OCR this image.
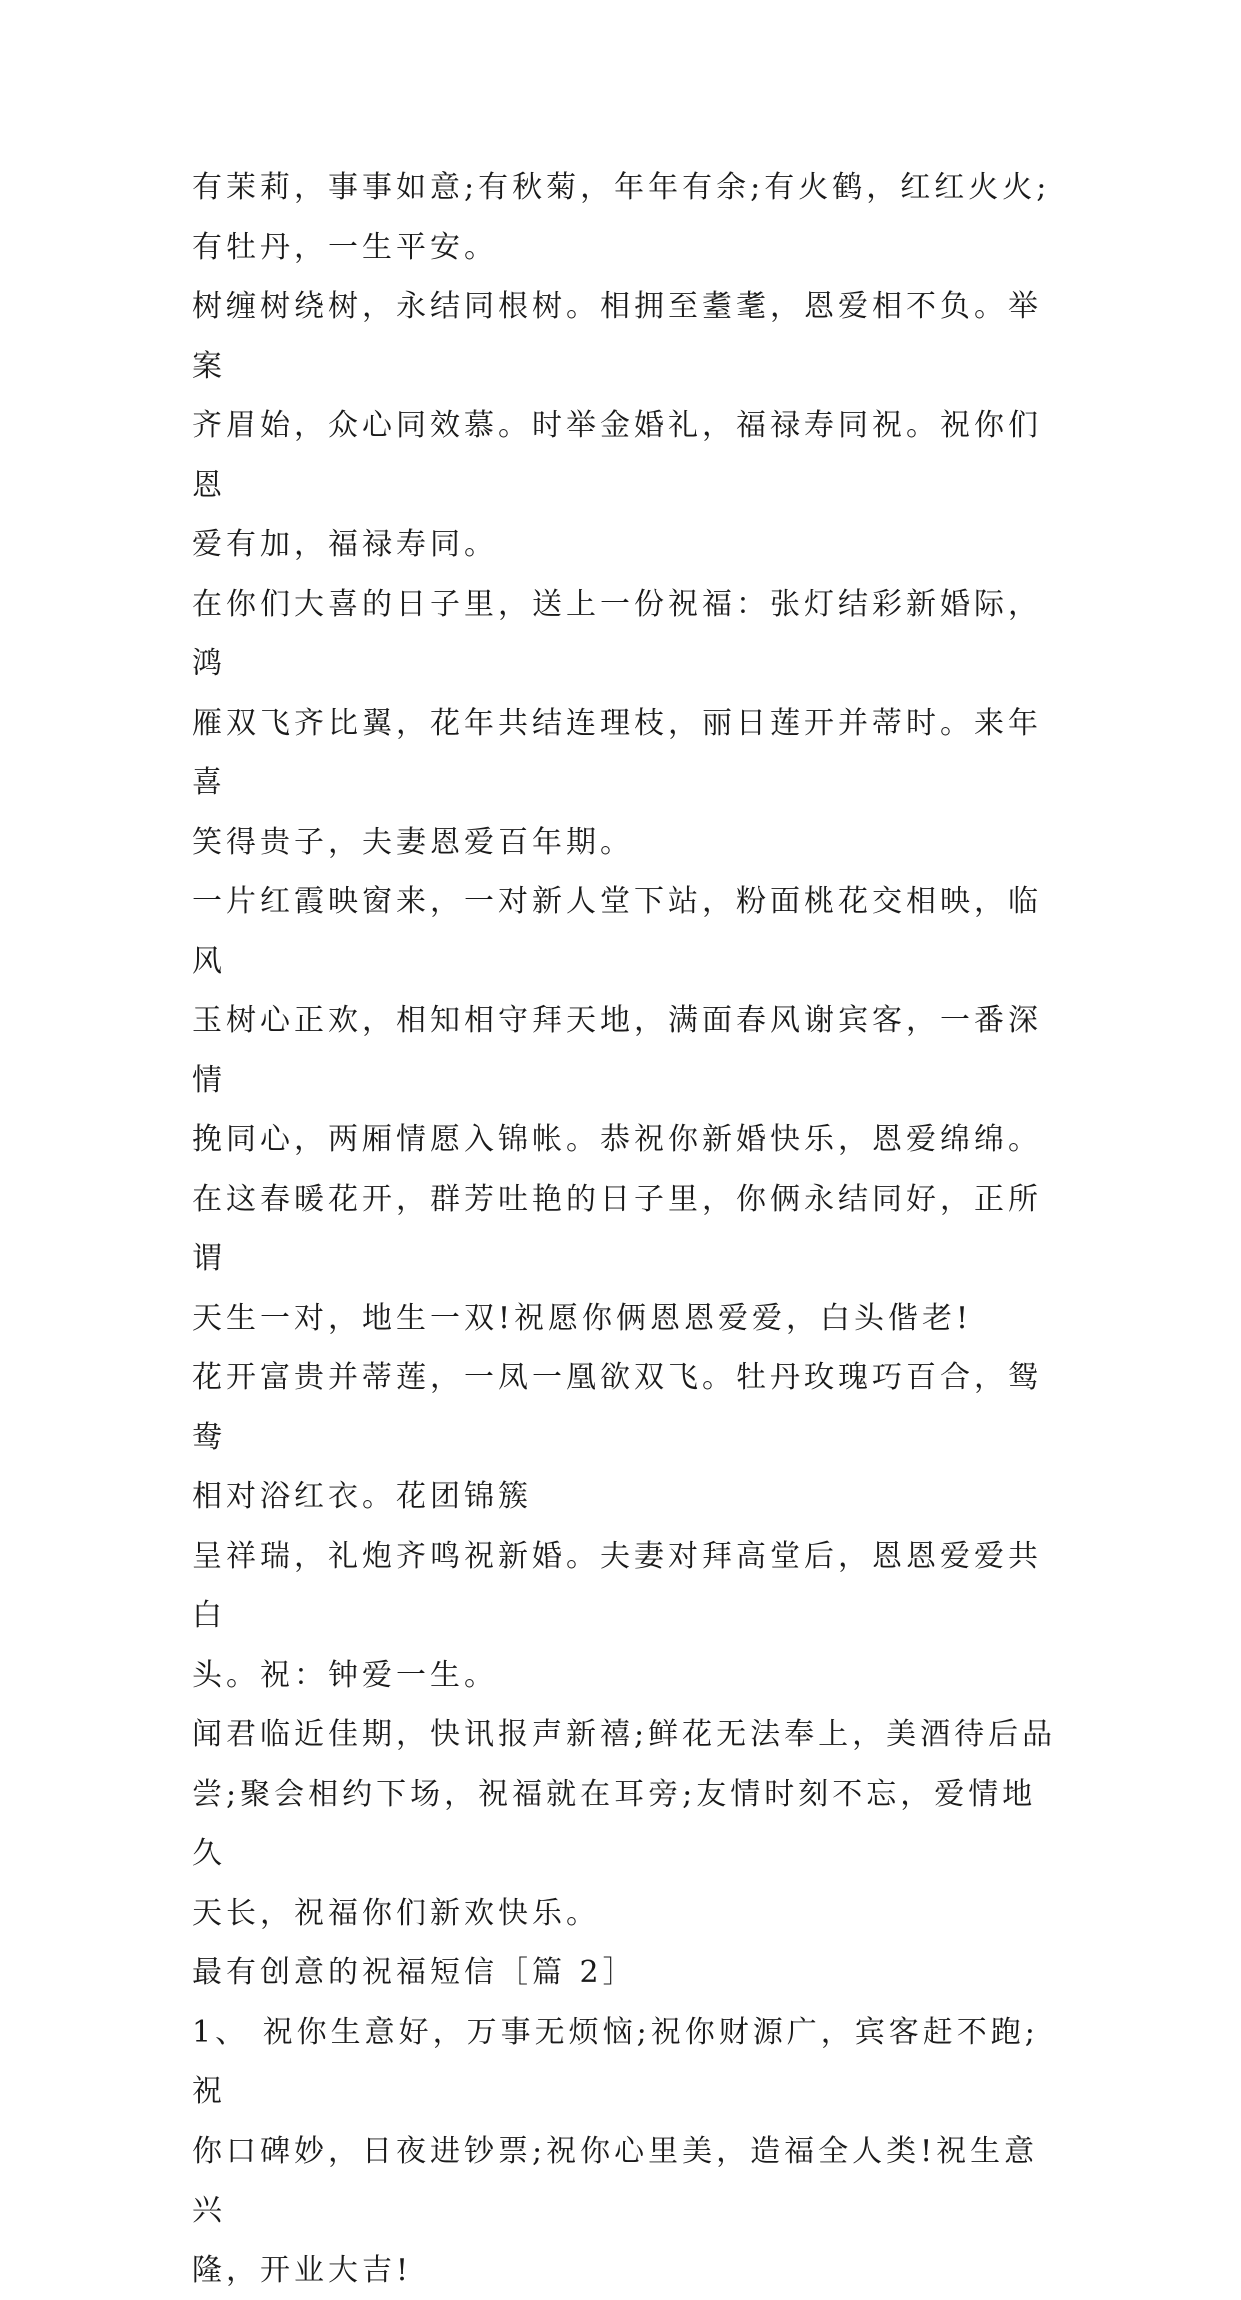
有茉莉，事事如意;有秋菊，年年有余;有火鹤，红红火火;
有牡丹，一生平安。

树缠树绕树，永结同根树。相拥至耋耄，恩爱相不负。举案
齐眉始，众心同效慕。时举金婚礼，福禄寿同祝。祝你们恩
爱有加，福禄寿同。

在你们大喜的日子里，送上一份祝福：张灯结彩新婚际，鸿
雁双飞齐比翼，花年共结连理枝，丽日莲开并蒂时。来年喜
笑得贵子，夫妻恩爱百年期。

一片红霞映窗来，一对新人堂下站，粉面桃花交相映，临风
玉树心正欢，相知相守拜天地，满面春风谢宾客，一番深情
挽同心，两厢情愿入锦帐。恭祝你新婚快乐，恩爱绵绵。

在这春暖花开，群芳吐艳的日子里，你俩永结同好，正所谓
天生一对，地生一双!祝愿你俩恩恩爱爱，白头偕老!

花开富贵并蒂莲，一凤一凰欲双飞。牡丹玫瑰巧百合，鸳鸯
相对浴红衣。花团锦簇

呈祥瑞，礼炮齐鸣祝新婚。夫妻对拜高堂后，恩恩爱爱共白
头。祝：钟爱一生。

闻君临近佳期，快讯报声新禧;鲜花无法奉上，美酒待后品
尝;聚会相约下场，祝福就在耳旁;友情时刻不忘，爱情地久
天长，祝福你们新欢快乐。

最有创意的祝福短信［篇 2］

1、 祝你生意好，万事无烦恼;祝你财源广，宾客赶不跑;祝
你口碑妙，日夜进钞票;祝你心里美，造福全人类!祝生意兴
隆，开业大吉!
